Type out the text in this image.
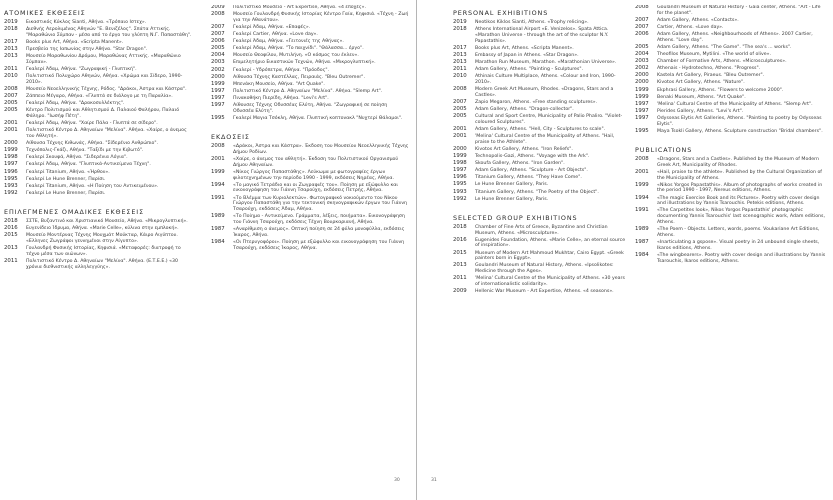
ΑΤΟΜΙΚΕΣ ΕΚΘΕΣΕΙΣ
2019	Εικαστικός Κύκλος Sianti, Αθήνα. «Τρόπαιο Ιστεχ».
2018	Διεθνής Αερολιμένας Αθηνών "Ε. Βενιζέλος". Σπάτα Αττικής. "Μαραθώνιο Σύμπαν - μέσα από το έργο του γλύπτη Ν.Γ. Παπαστάθη".
2017	Books plus Art, Αθήνα. «Scripta Manent».
2013	Πρεσβεία της Ιαπωνίας στην Αθήνα. "Star Dragon".
2013	Μουσείο Μαραθωνίου Δρόμου, Μαραθώνας Αττικής. «Μαραθώνιο Σύμπαν».
2011	Γκαλερί Άδαμ, Αθήνα. "Ζωγραφική - Γλυπτική".
2010	Πολιτιστικό Πολυχώρο Αθηνών, Αθήνα. «Χρώμα και Σίδερο, 1990-2010».
2008	Μουσείο Νεοελληνικής Τέχνης, Ρόδος. "Δράκοι, Άστρα και Κάστρα".
2007	Ζάππειο Μέγαρο, Αθήνα. «Γλυπτά σε διάλογο με τη Παραλία».
2005	Γκαλερί Άδαμ, Αθήνα. "Δρακοσυλλέκτης".
2005	Κέντρο Πολιτισμού και Αθλητισμού Δ. Παλαιού Φαλήρου, Παλαιό Φάληρο. "Ιωσήφ Πέτη".
2001	Γκαλερί Άδαμ, Αθήνα. "Χαίρε Πάλα - Γλυπτά σε σίδερο".
2001	Πολιτιστικό Κέντρο Δ. Αθηναίων "Μελίνα". Αθήνα. «Χαίρε, ο άνεμος του Αθλητή».
2000	Αίθουσα Τέχνης Κιθωνάς, Αθήνα. "Σίδερένιο Ανθρώπιο".
1999	Τεχνόπολις-Γκάζι, Αθήνα. "Ταξίδι με την Κιβωτό".
1998	Γκαλερί Σκουφά, Αθήνα. "Σιδερένια Λόγια".
1997	Γκαλερί Άδαμ, Αθήνα. "Γλυπτικά-Αντικείμενα Τέχνη".
1996	Γκαλερί Titanium, Αθήνα. «Ήρθον».
1995	Γκαλερί Le Hune Brenner, Παρίσι.
1993	Γκαλερί Titanium, Αθήνα. «Η Ποίηση του Αντικειμένου».
1992	Γκαλερί Le Hune Brenner, Παρίσι.
ΕΠΙΛΕΓΜΕΝΕΣ ΟΜΑΔΙΚΕΣ ΕΚΘΕΣΕΙΣ
2018	ΣΣΤΕ, Βυζαντινό και Χριστιανικό Μουσείο, Αθήνα. «Μικρογλυπτική».
2016	Ευγενίδειο Ίδρυμα, Αθήνα. «Marie Celle», κύλινα στην εμπλοκή».
2015	Μουσείο Μοντέρνας Τέχνης Μουχμάτ Μούκταρ, Κάιρο Αιγύπτου. «Ελληνες Ζωγράφοι γεννημένοι στην Αίγυπτο».
2013	Γουλανδρή Φυσικής Ιστορίας, Κηφισιά. «Μεταφορές: διατροφή το τέχνο μέσα των αιώνων».
2011	Πολιτιστικό Κέντρο Δ. Αθηναίων "Μελίνα". Αθήνα. (Ε.Τ.Ε.Ε.) «30 χρόνια διεθνιστικής αλληλεγγύης».
2009	Πολιτιστικό Μουσείο - Art Expertise, Αθήνα. «4 εποχές».
2008	Μουσείο Γουλανδρή Φυσικής Ιστορίας Κέντρο Γαία, Κηφισιά. «Τέχνη - Ζωή για την Αθανάτου».
2007	Γκαλερί Άδαμ, Αθήνα. «Επαφές».
2007	Γκαλερί Cartier, Αθήνα. «Love day».
2006	Γκαλερί Άδαμ, Αθήνα. «Γειτονιές της Αθήνας».
2005	Γκαλερί Άδαμ, Αθήνα. "Το παιχνίδι". "Θάλασσα... έργο".
2004	Μουσείο Θεοφίλου, Μυτιλήνη. «Ο κόσμος του έκλεν».
2003	Επιμελητήριο Εικαστικών Τεχνών, Αθήνα. «Μικρογλυπτική».
2002	Γκαλερί - Υδρόπετρα, Αθήνα. "Πρόοδος".
2000	Αίθουσα Τέχνης Καστέλλας, Πειραιάς. "Bleu Outremer".
1999	Μπενάκη Μουσείο, Αθήνα. "Art Quake".
1997	Πολιτιστικό Κέντρο Δ. Αθηναίων "Μελίνα". Αθήνα. "Slemp Art".
1997	Πινακοθήκη Πιερίδη, Αθήνα. "Levi's Art".
1997	Αίθουσες Τέχνης Οδυσσέας Ελύτη, Αθήνα. "Ζωγραφική σε ποίηση Οδυσσέα Ελύτη".
1995	Γκαλερί Μαγια Τσόκλη, Αθήνα. Γλυπτική κοπτονακλ "Νυχτερί Θάλαμοι".
ΕΚΔΟΣΕΙΣ
2008	«Δράκοι, Άστρα και Κάστρα». Έκδοση του Μουσείου Νεοελληνικής Τέχνης Δήμου Ροδίων.
2001	«Χαίρε, ο άνεμος του αθλητή». Έκδοση του Πολιτιστικού Οργανισμού Δήμου Αθηναίων.
1999	«Νίκος Γιώργος Παπαστάθης». Λεύκωμα με φωτογραφίες έργων φιλοτεχνημένων την περίοδο 1990 - 1999, εκδόσεις Νηρέας, Αθήνα.
1994	«Το μαγικό Τετράδιο και οι Ζωγραφιές του». Ποίηση με εξώφυλλο και εικονογράφηση του Γιάννη Τσαρούχη, εκδόσεις Πετρής, Αθήνα.
1991	«Το Βλέμμα των Κυριολεκτών». Φωτογραφικό νοκιούμεντο του Νίκου Γιώργου Παπαστάθη για την τεκτονική σκηνογραφικών έργων του Γιάννη Τσαρούχη, εκδόσεις Άδαμ, Αθήνα.
1989	«Το Ποίημα - Αντικείμενο. Γράμματα, λέξεις, ποιήματα». Εικονογράφηση του Γιάννη Τσαρούχη, εκδόσεις Τέχνη Βουρκαριανή, Αθήνα.
1987	«Αναρίθμιση ο άνεμος». Οπτική ποίηση σε 24 φύλα μονοφύλλα, εκδόσεις Ίκαρος, Αθήνα.
1984	«Οι Πτερυγοφόροι». Ποίηση με εξώφυλλο και εικονογράφηση του Γιάννη Τσαρούχη, εκδόσεις Ίκαρος, Αθήνα.
30	31
PERSONAL EXHIBITIONS
2019	Neotikos Kiklos Sianti, Athens. «Trophy relicing».
2018	Athens International Airport «E. Venizelos». Spata Attica. «Marathon Universe - through the art of the sculptor N.Y. Papastathis».
2017	Books plus Art, Athens. «Scripta Manent».
2013	Embassy of Japan in Athens. «Star Dragon».
2013	Marathon Run Museum, Marathon. «Marathonian Universe».
2011	Adam Gallery, Athens. "Painting - Sculptures".
2010	Athinais Culture Multiplace, Athens. «Colour and Iron, 1990-2010».
2008	Modern Greek Art Museum, Rhodes. «Dragons, Stars and a Castles».
2007	Zapio Megaron, Athens. «Free standing sculptures».
2005	Adam Gallery, Athens. "Dragon-collector".
2005	Cultural and Sport Centre, Municipality of Palio Phaliro. "Violet-coloured Sculptures".
2001	Adam Gallery, Athens. "Hell, City - Sculptures to scale".
2001	'Melina' Cultural Centre of the Municipality of Athens. "Hail, praise to the Athlete".
2000	Kivotos Art Gallery, Athens. "Iron Reliefs".
1999	Technopolis-Gazi, Athens. "Voyage with the Ark".
1998	Skoufa Gallery, Athens. "Iron Garden".
1997	Adam Gallery, Athens. "Sculpture - Art Objects".
1996	Titanium Gallery, Athens. "They Have Come".
1995	Le Hune Brenner Gallery, Paris.
1993	Titanium Gallery, Athens. "The Poetry of the Object".
1992	Le Hune Brenner Gallery, Paris.
SELECTED GROUP EXHIBITIONS
2018	Chamber of Fine Arts of Greece, Byzantine and Christian Museum, Athens. «Microsculpture».
2016	Eugenides Foundation, Athens. «Marie Celle», an eternal source of inspiration».
2015	Museum of Modern Art Mahmoud Mukhtar, Cairo Egypt. «Greek painters born in Egypt».
2013	Goulandri Museum of Natural History, Athens. «Ipsolikotes: Medicine through the Ages».
2011	'Melina' Cultural Centre of the Municipality of Athens. «30 years of internationalistic solidarity».
2009	Hellenic War Museum - Art Expertise, Athens. «4 seasons».
2008	Goulandri Museum of Natural History - Gaia center, Athens. "Art - Life for the planet".
2007	Adam Gallery, Athens. «Contacts».
2007	Cartier, Athens. «Love day».
2006	Adam Gallery, Athens. «Neighbourhoods of Athens». 2007 Cartier, Athens. "Love day".
2005	Adam Gallery, Athens. "The Game". "The sea's ... works".
2004	Theofilos Museum, Mytilini. «The world of olive».
2003	Chamber of Formative Arts, Athens. «Microsculptures».
2002	Athenais - Hydrotechno, Athens. "Progress".
2000	Kastela Art Gallery, Piraeus. "Bleu Outremer".
2000	Kivotos Art Gallery, Athens. "Nature".
1999	Ekphrasi Gallery, Athens. "Flowers to welcome 2000".
1999	Benaki Museum, Athens. "Art Quake".
1997	'Melina' Cultural Centre of the Municipality of Athens. "Slemp Art".
1997	Pierides Gallery, Athens. "Levi's Art".
1997	Odysseas Elytis Art Galleries, Athens. "Painting to poetry by Odysseas Elytis".
1995	Maya Tsokli Gallery, Athens. Sculpture construction "Bridal chambers".
PUBLICATIONS
2008	«Dragons, Stars and a Castles». Published by the Museum of Modern Greek Art, Municipality of Rhodes.
2001	«Hail, praise to the athlete». Published by the Cultural Organization of the Municipality of Athens.
1999	«Nikos Yorgos Papastathis». Album of photographs of works created in the period 1990 - 1997, Nereus editions, Athens.
1994	«The magic Exercise Book and its Pictures». Poetry with cover design and illustrations by Yannis Tsarouchis. Petekis editions, Athens.
1991	«The Carpetites look», Nikos Yorgos Papastathis' photographic documenting Yannis Tsarouchis' last scenographic work, Adam editions, Athens.
1989	«The Poem - Objects. Letters, words, poems. Voukariane Art Editions, Athens.
1987	«Inarticulating a gspose». Visual poetry in 24 unbound single sheets, Ikaros editions, Athens.
1984	«The wingbearers». Poetry with cover design and illustrations by Yannis Tsarouchis, Ikaros editions, Athens.
